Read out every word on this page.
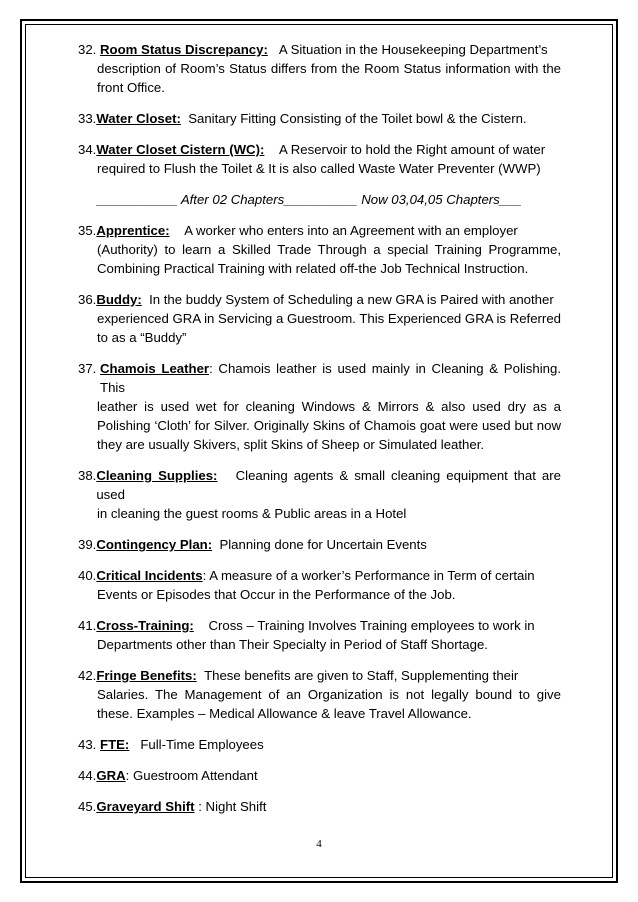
32.
Room Status Discrepancy: A Situation in the Housekeeping Department’s
description of Room’s Status differs from the Room Status information with the front Office.
33. Water Closet: Sanitary Fitting Consisting of the Toilet bowl & the Cistern.
34. Water Closet Cistern (WC): A Reservoir to hold the Right amount of water
required to Flush the Toilet & It is also called Waste Water Preventer (WWP)
___________ After 02 Chapters__________ Now 03,04,05 Chapters___
35. Apprentice: A worker who enters into an Agreement with an employer
(Authority) to learn a Skilled Trade Through a special Training Programme, Combining Practical Training with related off-the Job Technical Instruction.
36. Buddy: In the buddy System of Scheduling a new GRA is Paired with another
experienced GRA in Servicing a Guestroom. This Experienced GRA is Referred to as a “Buddy”
37.
Chamois Leather: Chamois leather is used mainly in Cleaning & Polishing. This
leather is used wet for cleaning Windows & Mirrors & also used dry as a Polishing ‘Cloth’ for Silver. Originally Skins of Chamois goat were used but now they are usually Skivers, split Skins of Sheep or Simulated leather.
38. Cleaning Supplies: Cleaning agents & small cleaning equipment that are used
in cleaning the guest rooms & Public areas in a Hotel
39. Contingency Plan: Planning done for Uncertain Events
40. Critical Incidents: A measure of a worker’s Performance in Term of certain
Events or Episodes that Occur in the Performance of the Job.
41. Cross-Training: Cross – Training Involves Training employees to work in
Departments other than Their Specialty in Period of Staff Shortage.
42. Fringe Benefits: These benefits are given to Staff, Supplementing their
Salaries. The Management of an Organization is not legally bound to give these. Examples – Medical Allowance & leave Travel Allowance.
43.
FTE: Full-Time Employees
44. GRA: Guestroom Attendant
45. Graveyard Shift : Night Shift
4
